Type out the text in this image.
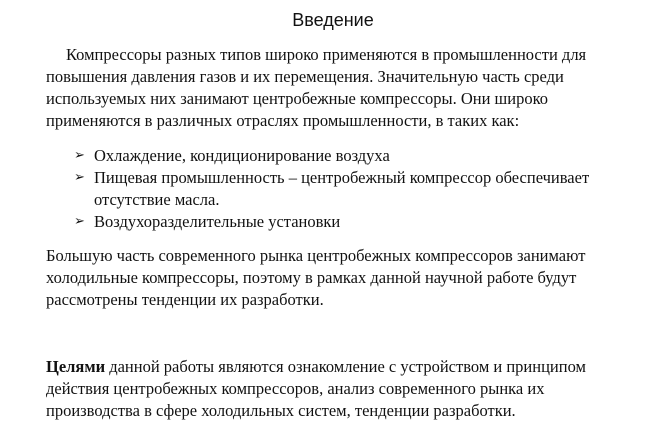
Введение
Компрессоры разных типов широко применяются в промышленности для
повышения давления газов и их перемещения. Значительную часть среди
используемых них занимают центробежные компрессоры. Они широко
применяются в различных отраслях промышленности, в таких как:
➢ Охлаждение, кондиционирование воздуха
➢ Пищевая промышленность – центробежный компрессор обеспечивает
отсутствие масла.
➢ Воздухоразделительные установки
Большую часть современного рынка центробежных компрессоров занимают
холодильные компрессоры, поэтому в рамках данной научной работе будут
рассмотрены тенденции их разработки.
Целями данной работы являются ознакомление с устройством и принципом
действия центробежных компрессоров, анализ современного рынка их
производства в сфере холодильных систем, тенденции разработки.
